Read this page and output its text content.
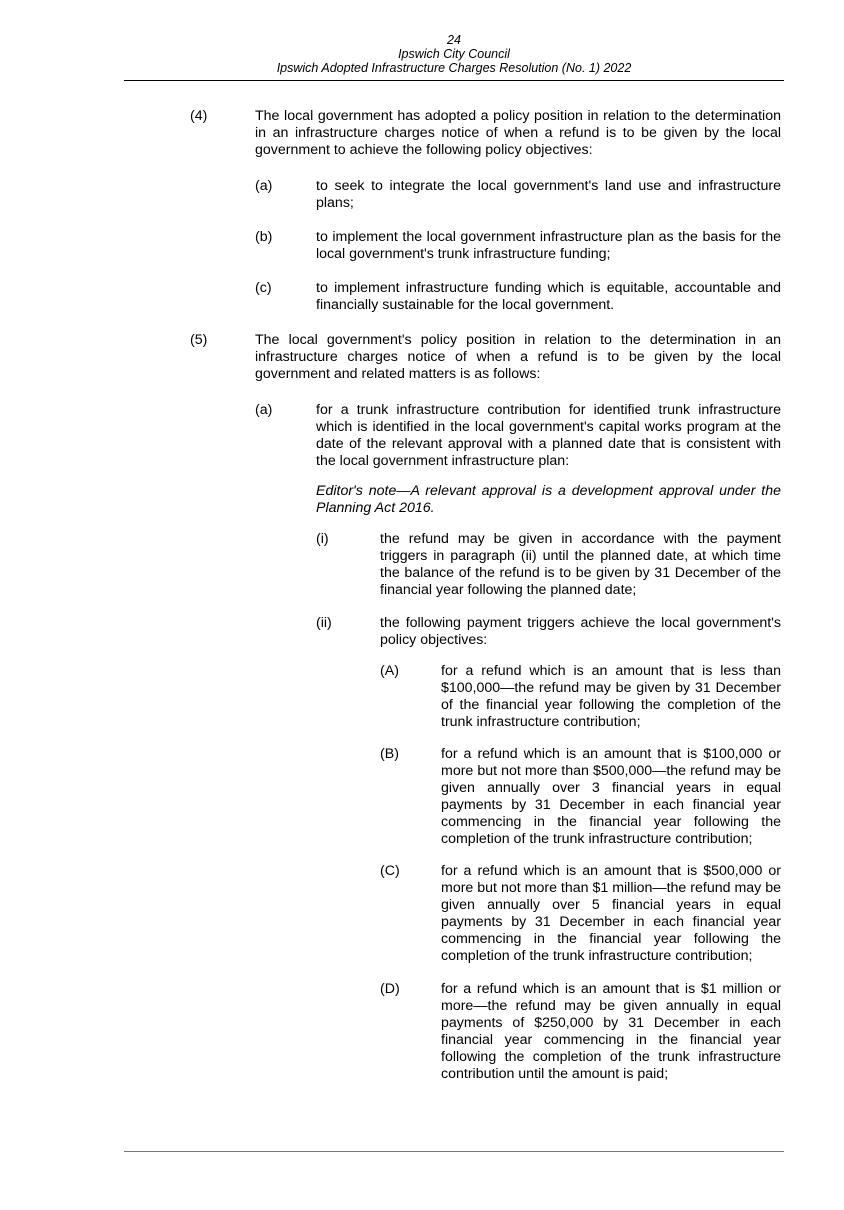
24
Ipswich City Council
Ipswich Adopted Infrastructure Charges Resolution (No. 1) 2022
(4)	The local government has adopted a policy position in relation to the determination in an infrastructure charges notice of when a refund is to be given by the local government to achieve the following policy objectives:
(a)	to seek to integrate the local government's land use and infrastructure plans;
(b)	to implement the local government infrastructure plan as the basis for the local government's trunk infrastructure funding;
(c)	to implement infrastructure funding which is equitable, accountable and financially sustainable for the local government.
(5)	The local government's policy position in relation to the determination in an infrastructure charges notice of when a refund is to be given by the local government and related matters is as follows:
(a)	for a trunk infrastructure contribution for identified trunk infrastructure which is identified in the local government's capital works program at the date of the relevant approval with a planned date that is consistent with the local government infrastructure plan:
Editor's note—A relevant approval is a development approval under the Planning Act 2016.
(i)	the refund may be given in accordance with the payment triggers in paragraph (ii) until the planned date, at which time the balance of the refund is to be given by 31 December of the financial year following the planned date;
(ii)	the following payment triggers achieve the local government's policy objectives:
(A)	for a refund which is an amount that is less than $100,000—the refund may be given by 31 December of the financial year following the completion of the trunk infrastructure contribution;
(B)	for a refund which is an amount that is $100,000 or more but not more than $500,000—the refund may be given annually over 3 financial years in equal payments by 31 December in each financial year commencing in the financial year following the completion of the trunk infrastructure contribution;
(C)	for a refund which is an amount that is $500,000 or more but not more than $1 million—the refund may be given annually over 5 financial years in equal payments by 31 December in each financial year commencing in the financial year following the completion of the trunk infrastructure contribution;
(D)	for a refund which is an amount that is $1 million or more—the refund may be given annually in equal payments of $250,000 by 31 December in each financial year commencing in the financial year following the completion of the trunk infrastructure contribution until the amount is paid;
